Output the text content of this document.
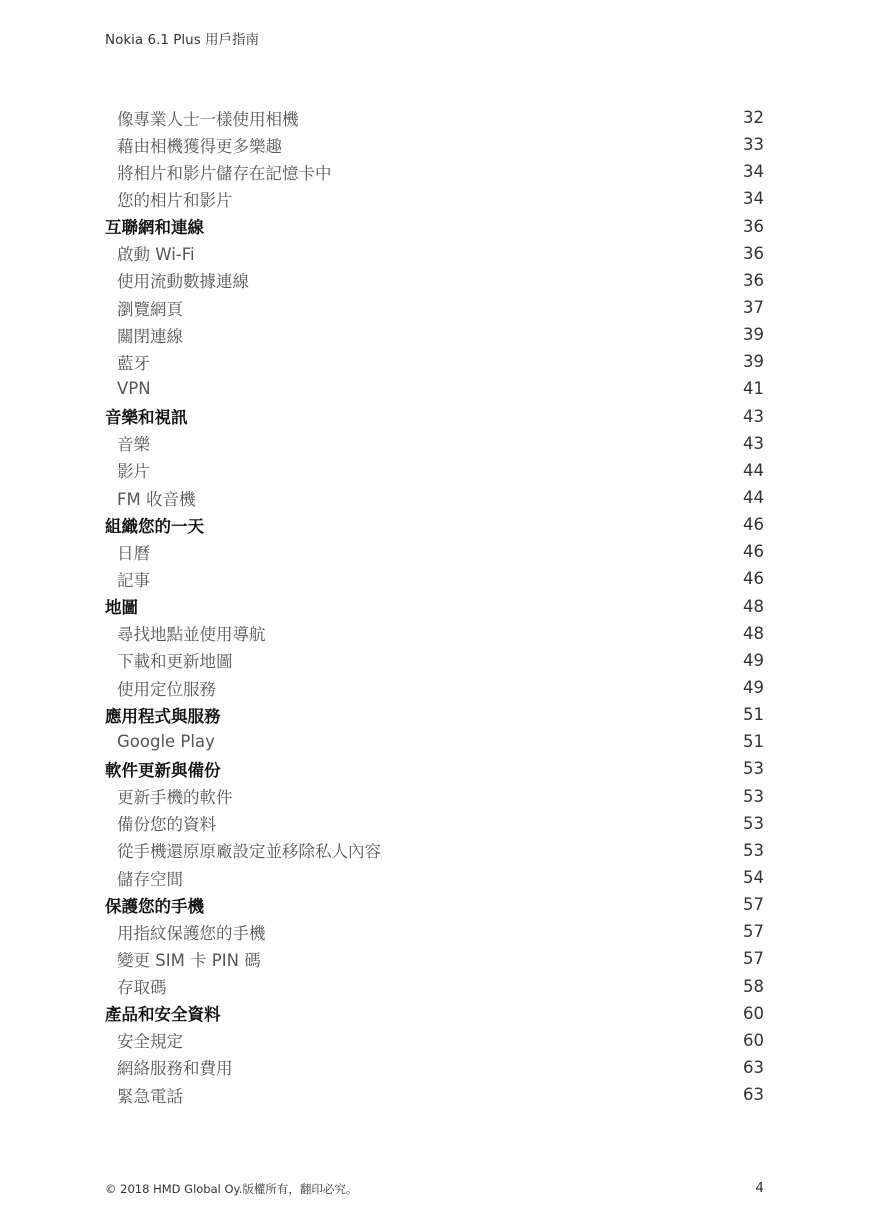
Nokia 6.1 Plus 用戶指南
像專業人士一樣使用相機	32
藉由相機獲得更多樂趣	33
將相片和影片儲存在記憶卡中	34
您的相片和影片	34
互聯網和連線	36
啟動 Wi-Fi	36
使用流動數據連線	36
瀏覽網頁	37
關閉連線	39
藍牙	39
VPN	41
音樂和視訊	43
音樂	43
影片	44
FM 收音機	44
組織您的一天	46
日曆	46
記事	46
地圖	48
尋找地點並使用導航	48
下載和更新地圖	49
使用定位服務	49
應用程式與服務	51
Google Play	51
軟件更新與備份	53
更新手機的軟件	53
備份您的資料	53
從手機還原原廠設定並移除私人內容	53
儲存空間	54
保護您的手機	57
用指紋保護您的手機	57
變更 SIM 卡 PIN 碼	57
存取碼	58
產品和安全資料	60
安全規定	60
網絡服務和費用	63
緊急電話	63
© 2018 HMD Global Oy.版權所有，翻印必究。	4
